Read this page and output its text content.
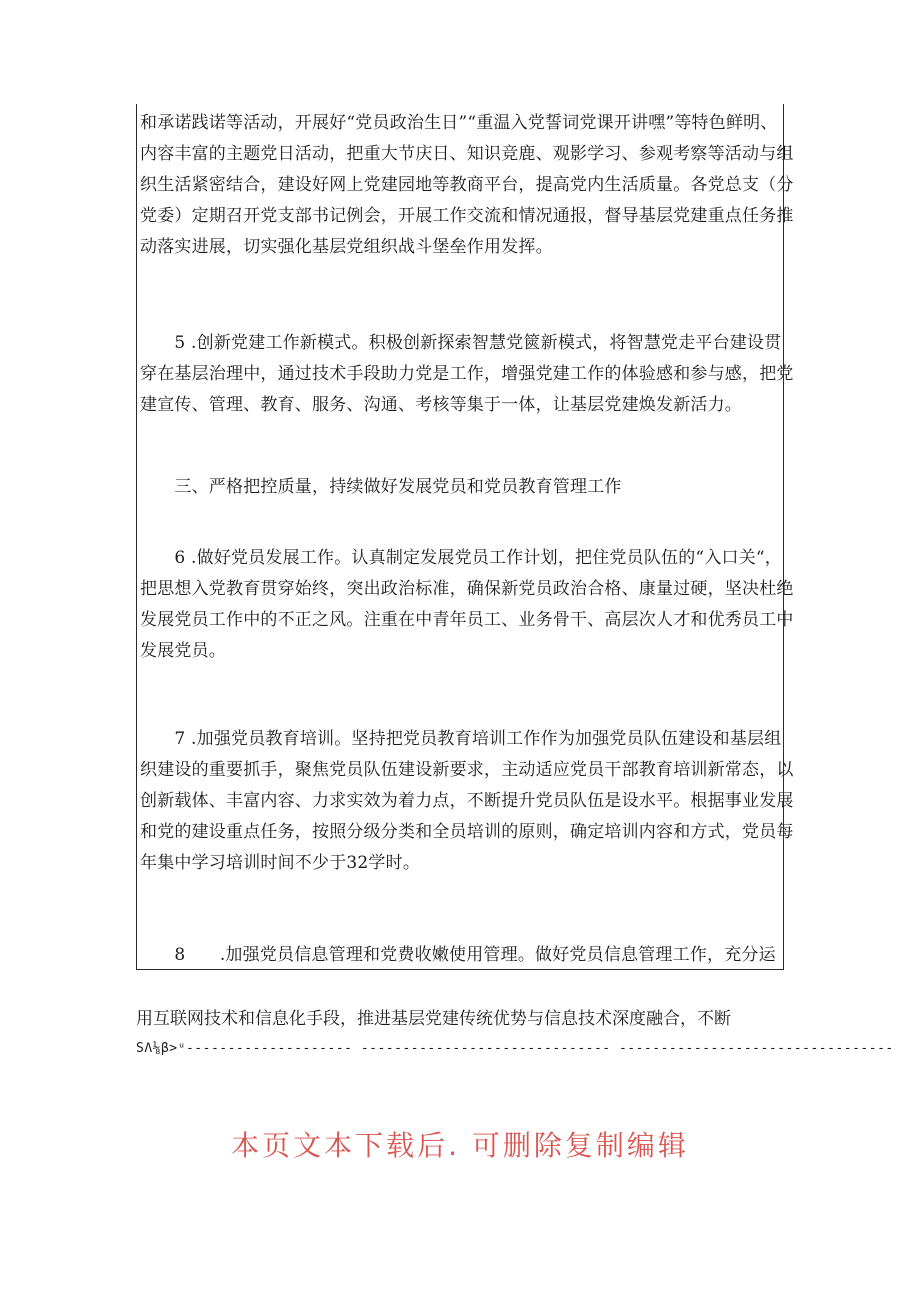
和承诺践诺等活动，开展好“党员政治生日”“重温入党誓词党课开讲嘿”等特色鲜明、
内容丰富的主题党日活动，把重大节庆日、知识竞鹿、观影学习、参观考察等活动与组
织生活紧密结合，建设好网上党建园地等教商平台，提高党内生活质量。各党总支（分
党委）定期召开党支部书记例会，开展工作交流和情况通报，督导基层党建重点任务推
动落实进展，切实强化基层党组织战斗堡垒作用发挥。
　　5 .创新党建工作新模式。积极创新探索智慧党篋新模式，将智慧党走平台建设贯
穿在基层治理中，通过技术手段助力党是工作，增强党建工作的体验感和参与感，把党
建宣传、管理、教育、服务、沟通、考核等集于一体，让基层党建焕发新活力。
　　三、严格把控质量，持续做好发展党员和党员教育管理工作
　　6 .做好党员发展工作。认真制定发展党员工作计划，把住党员队伍的“入口关“，
把思想入党教育贯穿始终，突出政治标准，确保新党员政治合格、康量过硬，坚决杜绝
发展党员工作中的不正之风。注重在中青年员工、业务骨干、高层次人才和优秀员工中
发展党员。
　　7 .加强党员教育培训。坚持把党员教育培训工作作为加强党员队伍建设和基层组
织建设的重要抓手，聚焦党员队伍建设新要求，主动适应党员干部教育培训新常态，以
创新载体、丰富内容、力求实效为着力点，不断提升党员队伍是设水平。根据事业发展
和党的建设重点任务，按照分级分类和全员培训的原则，确定培训内容和方式，党员每
年集中学习培训时间不少于32学时。
　　8　　.加强党员信息管理和党费收嫩使用管理。做好党员信息管理工作，充分运
用互联网技术和信息化手段，推进基层党建传统优势与信息技术深度融合，不断
SΛ⅛β>ᵘ-------------------- ------------------------------ ---------------------------------
本页文本下载后. 可删除复制编辑
